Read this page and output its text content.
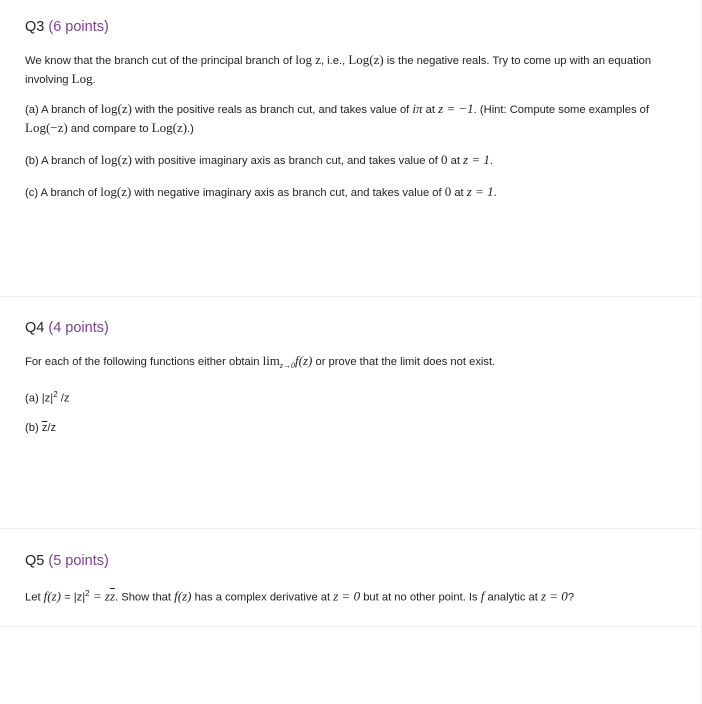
Q3 (6 points)

We know that the branch cut of the principal branch of log z, i.e., Log(z) is the negative reals. Try to come up with an equation involving Log.

(a) A branch of log(z) with the positive reals as branch cut, and takes value of iπ at z = −1. (Hint: Compute some examples of Log(−z) and compare to Log(z).)

(b) A branch of log(z) with positive imaginary axis as branch cut, and takes value of 0 at z = 1.

(c) A branch of log(z) with negative imaginary axis as branch cut, and takes value of 0 at z = 1.

Q4 (4 points)

For each of the following functions either obtain $\lim_{z\to 0}f(z)$ or prove that the limit does not exist.

(a) $|z|^2$ /z

(b) $\overline{z}/z$

Q5 (5 points)

Let $f(z) = |z|^2 = z\overline{z}$. Show that f(z) has a complex derivative at z = 0 but at no other point. Is f analytic at z = 0?
